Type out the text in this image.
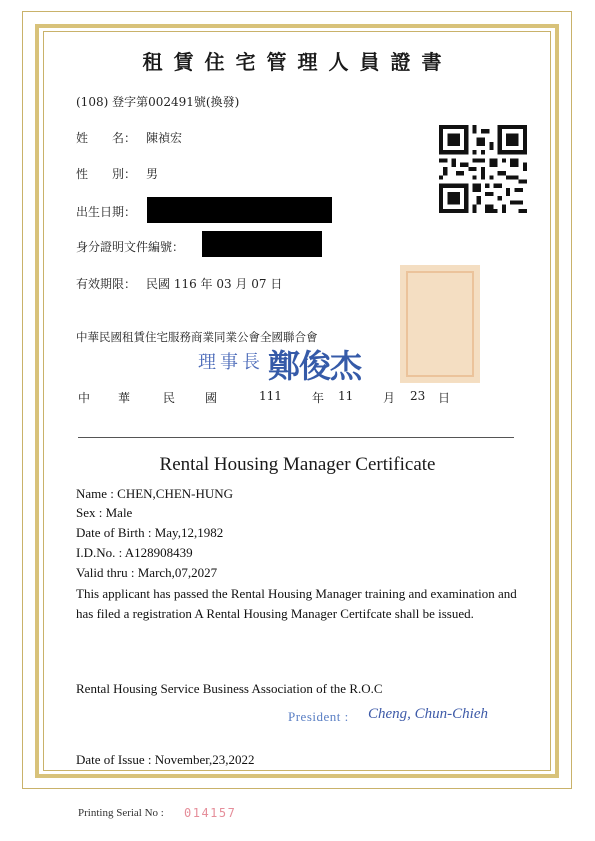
租賃住宅管理人員證書
(108) 登字第002491號(換發)
姓　　名： 陳禎宏
性　　別： 男
出生日期：
身分證明文件編號：
有效期限： 民國 116 年 03 月 07 日
中華民國租賃住宅服務商業同業公會全國聯合會
理事長 鄭俊杰
中 華	民 國	111	年 11 月 23 日
Rental Housing Manager Certificate
Name : CHEN,CHEN-HUNG
Sex : Male
Date of Birth : May,12,1982
I.D.No. : A128908439
Valid thru : March,07,2027
This applicant has passed the Rental Housing Manager training and examination and has filed a registration A Rental Housing Manager Certifcate shall be issued.
Rental Housing Service Business Association of the R.O.C
President : Cheng, Chun-Chieh
Date of Issue : November,23,2022
Printing Serial No : 014157
